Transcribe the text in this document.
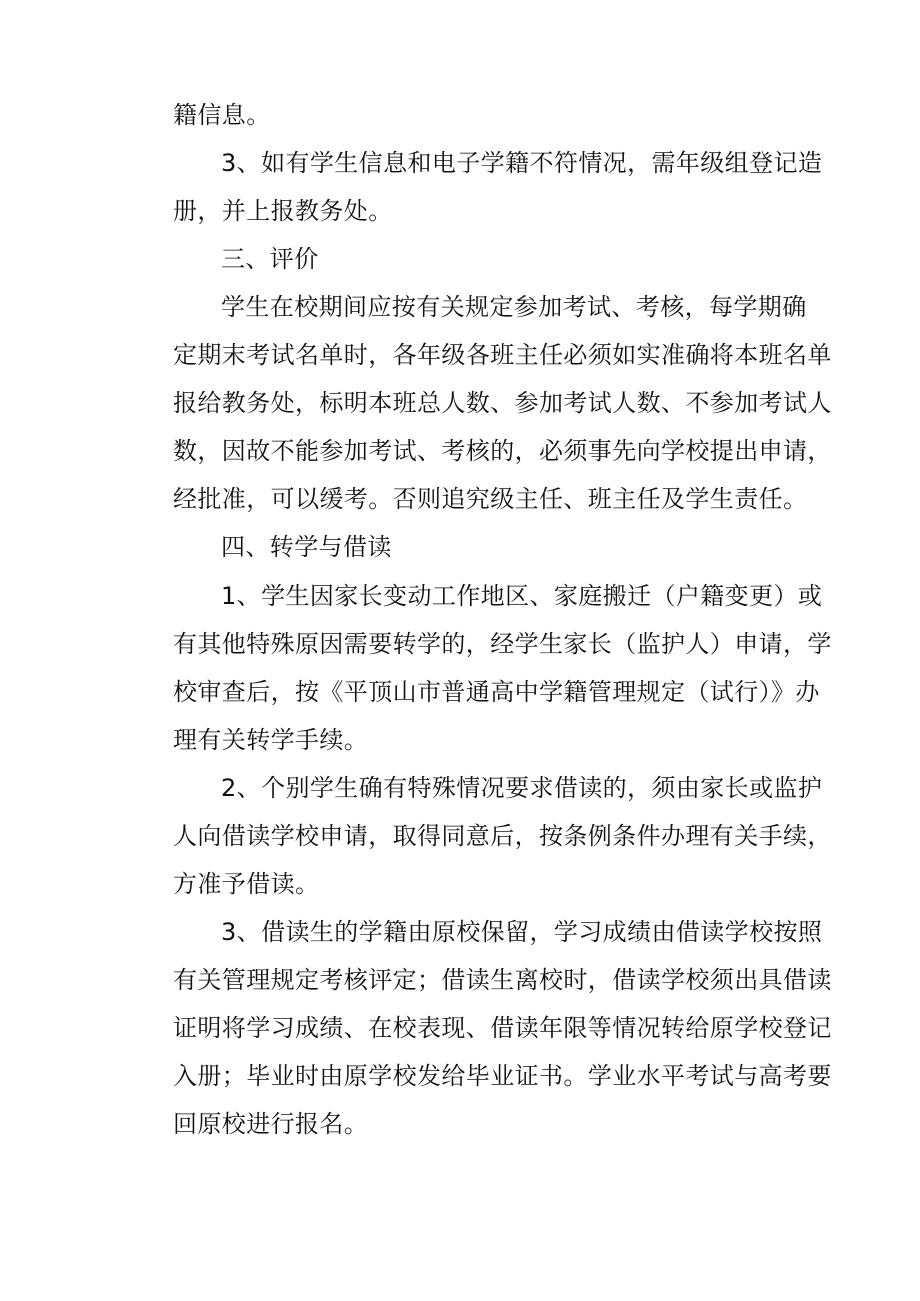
籍信息。
3、如有学生信息和电子学籍不符情况，需年级组登记造
册，并上报教务处。
三、评价
学生在校期间应按有关规定参加考试、考核，每学期确
定期末考试名单时，各年级各班主任必须如实准确将本班名单
报给教务处，标明本班总人数、参加考试人数、不参加考试人
数，因故不能参加考试、考核的，必须事先向学校提出申请，
经批准，可以缓考。否则追究级主任、班主任及学生责任。
四、转学与借读
1、学生因家长变动工作地区、家庭搬迁（户籍变更）或
有其他特殊原因需要转学的，经学生家长（监护人）申请，学
校审查后，按《平顶山市普通高中学籍管理规定（试行）》办
理有关转学手续。
2、个别学生确有特殊情况要求借读的，须由家长或监护
人向借读学校申请，取得同意后，按条例条件办理有关手续，
方准予借读。
3、借读生的学籍由原校保留，学习成绩由借读学校按照
有关管理规定考核评定；借读生离校时，借读学校须出具借读
证明将学习成绩、在校表现、借读年限等情况转给原学校登记
入册；毕业时由原学校发给毕业证书。学业水平考试与高考要
回原校进行报名。
